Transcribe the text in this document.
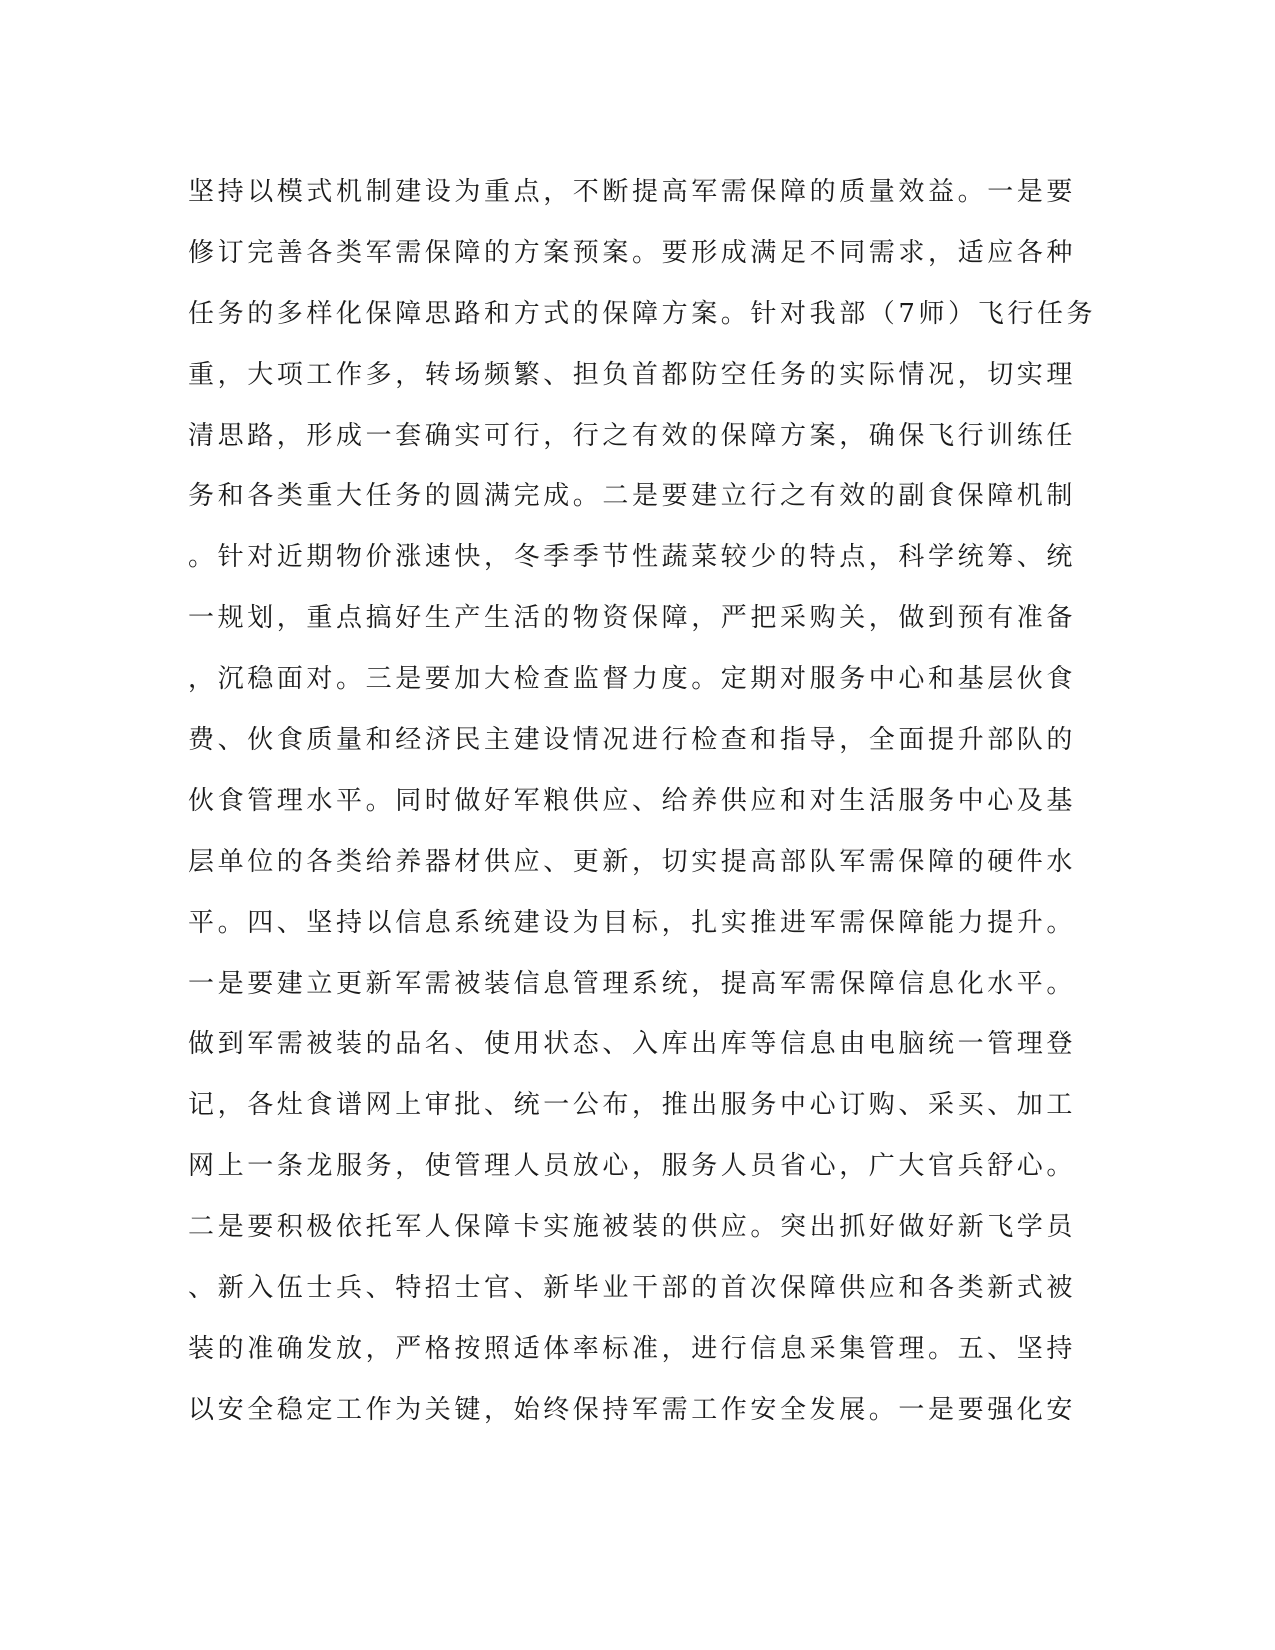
坚持以模式机制建设为重点，不断提高军需保障的质量效益。一是要
修订完善各类军需保障的方案预案。要形成满足不同需求，适应各种
任务的多样化保障思路和方式的保障方案。针对我部（7师）飞行任务
重，大项工作多，转场频繁、担负首都防空任务的实际情况，切实理
清思路，形成一套确实可行，行之有效的保障方案，确保飞行训练任
务和各类重大任务的圆满完成。二是要建立行之有效的副食保障机制
。针对近期物价涨速快，冬季季节性蔬菜较少的特点，科学统筹、统
一规划，重点搞好生产生活的物资保障，严把采购关，做到预有准备
，沉稳面对。三是要加大检查监督力度。定期对服务中心和基层伙食
费、伙食质量和经济民主建设情况进行检查和指导，全面提升部队的
伙食管理水平。同时做好军粮供应、给养供应和对生活服务中心及基
层单位的各类给养器材供应、更新，切实提高部队军需保障的硬件水
平。四、坚持以信息系统建设为目标，扎实推进军需保障能力提升。
一是要建立更新军需被装信息管理系统，提高军需保障信息化水平。
做到军需被装的品名、使用状态、入库出库等信息由电脑统一管理登
记，各灶食谱网上审批、统一公布，推出服务中心订购、采买、加工
网上一条龙服务，使管理人员放心，服务人员省心，广大官兵舒心。
二是要积极依托军人保障卡实施被装的供应。突出抓好做好新飞学员
、新入伍士兵、特招士官、新毕业干部的首次保障供应和各类新式被
装的准确发放，严格按照适体率标准，进行信息采集管理。五、坚持
以安全稳定工作为关键，始终保持军需工作安全发展。一是要强化安
